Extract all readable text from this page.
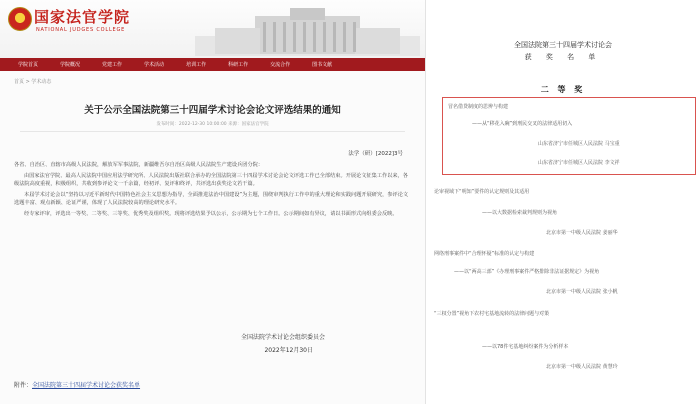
国家法官学院
NATIONAL JUDGES COLLEGE
学院首页	学院概况	党建工作	学术活动	培训工作	科研工作	交流合作	图书文献
首页 > 学术动态
关于公示全国法院第三十四届学术讨论会论文评选结果的通知
发布时间：2022-12-30 10:00:00 来源：国家法官学院
法学（研）[2022]3号

各省、自治区、直辖市高级人民法院，解放军军事法院，新疆维吾尔自治区高级人民法院生产建设兵团分院：

由国家法官学院、最高人民法院中国应用法学研究所、人民法院出版社联合承办的全国法院第三十四届学术讨论会论文评选工作已全部结束。开展论文征集工作以来，各级法院高度重视，积极组织，共收到参评论文一千余篇，经初评、复评和终评，共评选出获奖论文若干篇。

本届学术讨论会以“坚持以习近平新时代中国特色社会主义思想为指导，全面推进法治中国建设”为主题，围绕审判执行工作中的重大理论和实践问题开展研究，参评论文选题丰富、观点新颖、论证严谨，体现了人民法院较高的理论研究水平。

经专家评审，评选出一等奖、二等奖、三等奖、优秀奖及组织奖。现将评选结果予以公示，公示期为七个工作日。公示期间如有异议，请以书面形式向组委会反映。

全国法院学术讨论会组织委员会
2022年12月30日
附件：全国法院第三十四届学术讨论会获奖名单
全国法院第三十四届学术讨论会
获 奖 名 单
二 等 奖
冒名借贷制度的思辨与构建
——从“移花入碗”到刑民交叉的法律适用切入
山东省济宁市任城区人民法院 马宝重
山东省济宁市任城区人民法院 李文祥
论审视域下“明知”要件的认定规则及其适用
——以大数据检索裁判规则为视角
北京市第一中级人民法院 姜丽华
网络刑事案件中“合理怀疑”标准的认定与构建
——以“两高三部”《办理刑事案件严格排除非法证据规定》为视角
北京市第一中级人民法院 张小帆
“三权分置”视角下农村宅基地流转的法律问题与对策
——以78件宅基地纠纷案件为分析样本
北京市第一中级人民法院 黄慧玲
